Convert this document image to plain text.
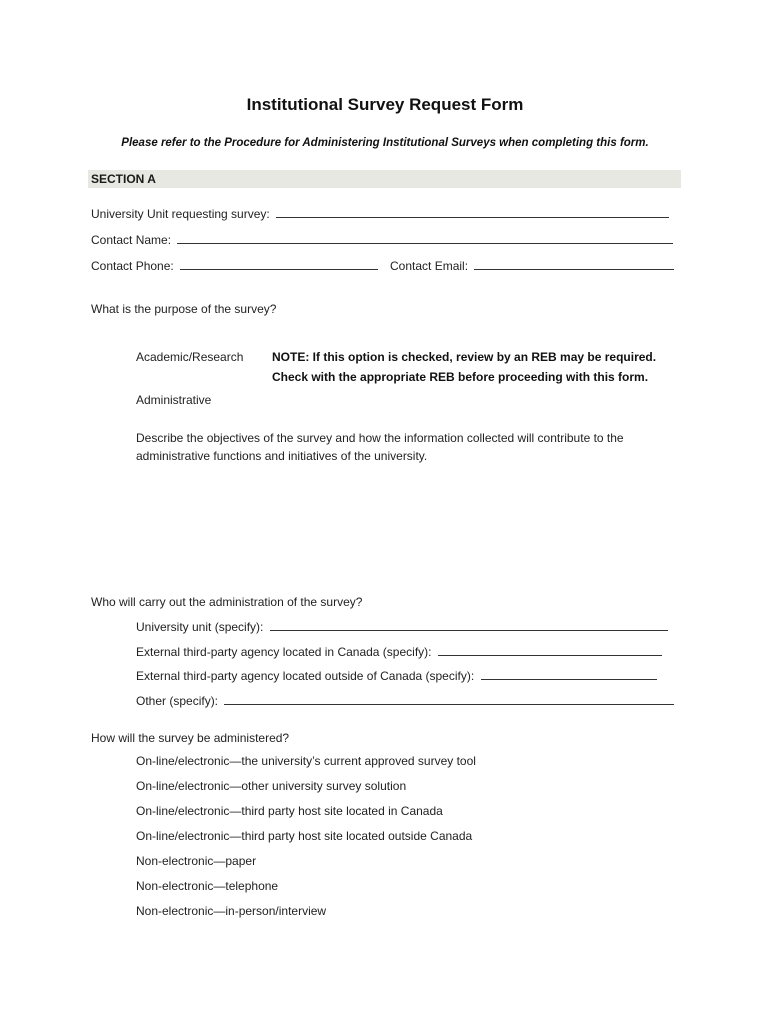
Institutional Survey Request Form
Please refer to the Procedure for Administering Institutional Surveys when completing this form.
SECTION A
University Unit requesting survey:
Contact Name:
Contact Phone:	Contact Email:
What is the purpose of the survey?
Academic/Research NOTE: If this option is checked, review by an REB may be required.
Check with the appropriate REB before proceeding with this form.
Administrative
Describe the objectives of the survey and how the information collected will contribute to the administrative functions and initiatives of the university.
Who will carry out the administration of the survey?
University unit (specify):
External third-party agency located in Canada (specify):
External third-party agency located outside of Canada (specify):
Other (specify):
How will the survey be administered?
On-line/electronic—the university’s current approved survey tool
On-line/electronic—other university survey solution
On-line/electronic—third party host site located in Canada
On-line/electronic—third party host site located outside Canada
Non-electronic—paper
Non-electronic—telephone
Non-electronic—in-person/interview
